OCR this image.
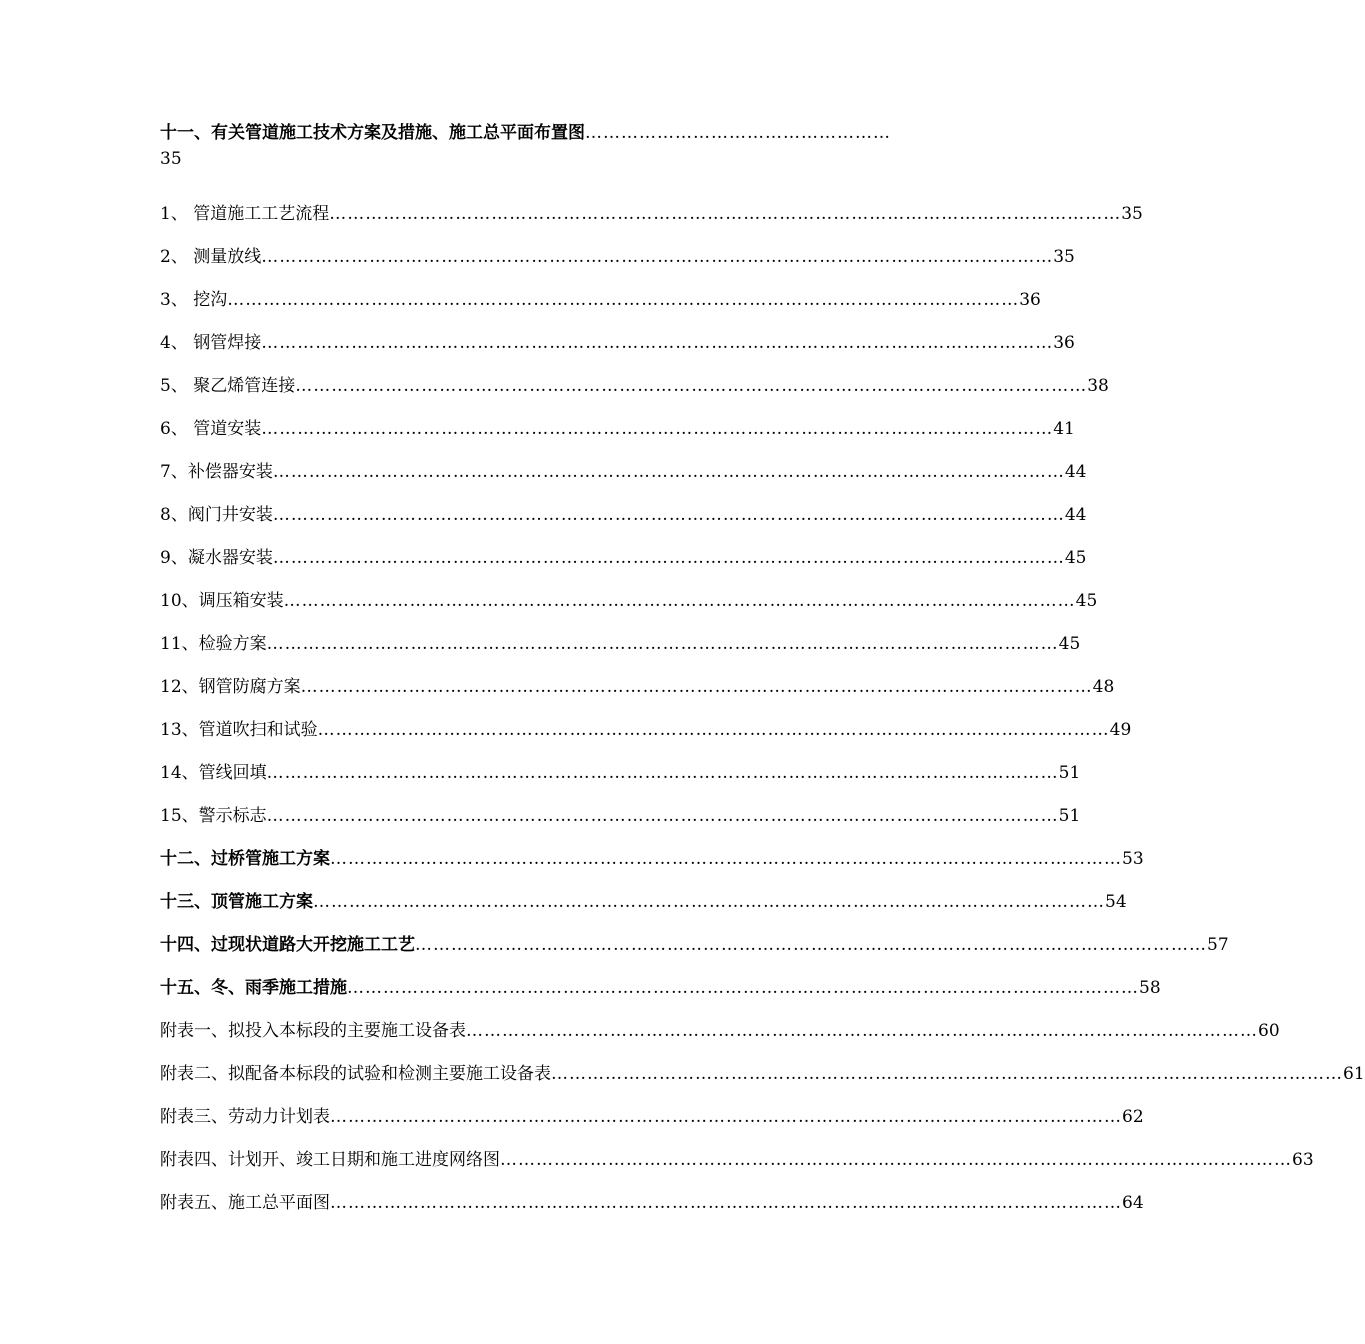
十一、有关管道施工技术方案及措施、施工总平面布置图……………………………………………
35
1、 管道施工工艺流程 ……………………………………………………………………………………………………………………	35
2、 测量放线 ……………………………………………………………………………………………………………………	35
3、 挖沟 ……………………………………………………………………………………………………………………	36
4、 钢管焊接 ……………………………………………………………………………………………………………………	36
5、 聚乙烯管连接 ……………………………………………………………………………………………………………………	38
6、 管道安装 ……………………………………………………………………………………………………………………	41
7、补偿器安装 ……………………………………………………………………………………………………………………	44
8、阀门井安装 ……………………………………………………………………………………………………………………	44
9、凝水器安装 ……………………………………………………………………………………………………………………	45
10、调压箱安装 ……………………………………………………………………………………………………………………	45
11、检验方案 ……………………………………………………………………………………………………………………	45
12、钢管防腐方案 ……………………………………………………………………………………………………………………	48
13、管道吹扫和试验 ……………………………………………………………………………………………………………………	49
14、管线回填 ……………………………………………………………………………………………………………………	51
15、警示标志 ……………………………………………………………………………………………………………………	51
十二、过桥管施工方案 ……………………………………………………………………………………………………………………	53
十三、顶管施工方案 ……………………………………………………………………………………………………………………	54
十四、过现状道路大开挖施工工艺 ……………………………………………………………………………………………………………………	57
十五、冬、雨季施工措施 ……………………………………………………………………………………………………………………	58
附表一、拟投入本标段的主要施工设备表 ……………………………………………………………………………………………………………………	60
附表二、拟配备本标段的试验和检测主要施工设备表 ……………………………………………………………………………………………………………………	61
附表三、劳动力计划表 ……………………………………………………………………………………………………………………	62
附表四、计划开、竣工日期和施工进度网络图 ……………………………………………………………………………………………………………………	63
附表五、施工总平面图 ……………………………………………………………………………………………………………………	64
